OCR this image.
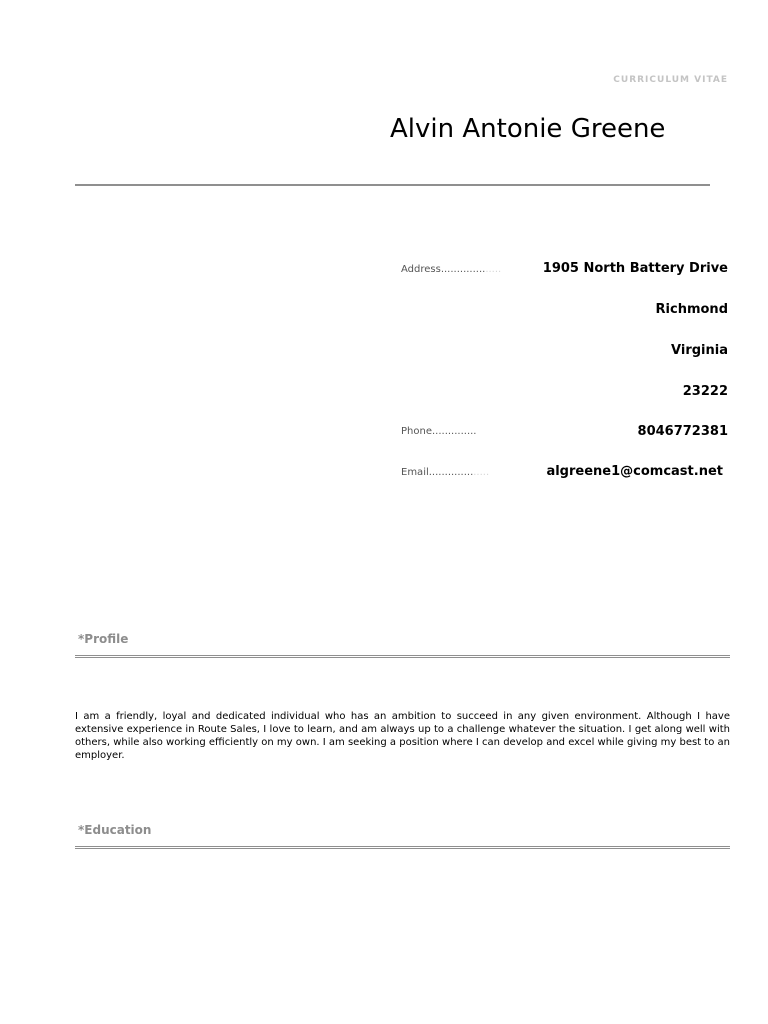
CURRICULUM VITAE
Alvin Antonie Greene
Address...................	1905 North Battery Drive
Richmond
Virginia
23222
Phone..............	8046772381
Email...................	algreene1@comcast.net
*Profile
I am a friendly, loyal and dedicated individual who has an ambition to succeed in any given environment. Although I have extensive experience in Route Sales, I love to learn, and am always up to a challenge whatever the situation. I get along well with others, while also working efficiently on my own. I am seeking a position where I can develop and excel while giving my best to an employer.
*Education
